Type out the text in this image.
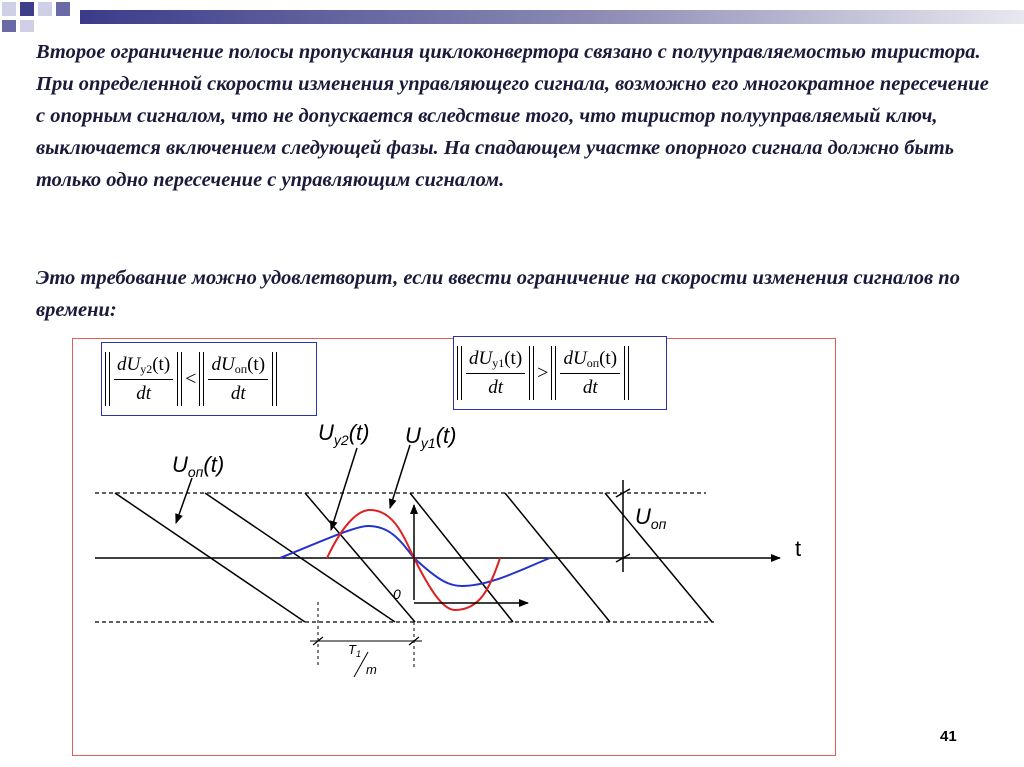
Второе ограничение полосы пропускания циклоконвертора связано с полууправляемостью тиристора. При определенной скорости изменения управляющего сигнала, возможно его многократное пересечение с опорным сигналом, что не допускается вследствие того, что тиристор полууправляемый ключ, выключается включением следующей фазы. На спадающем участке опорного сигнала должно быть только одно пересечение с управляющим сигналом.

Это требование можно удовлетворит, если ввести ограничение на скорости изменения сигналов по времени:

$\frac{dU_{у2}(t)}{dt} < \frac{dU_{оп}(t)}{dt}$	$\frac{dU_{у1}(t)}{dt} > \frac{dU_{оп}(t)}{dt}$
$U_{оп}(t)$
$U_{у2}(t)$ $U_{у1}(t)$
$U_{оп}$
t
0
$T_1$
m
41
